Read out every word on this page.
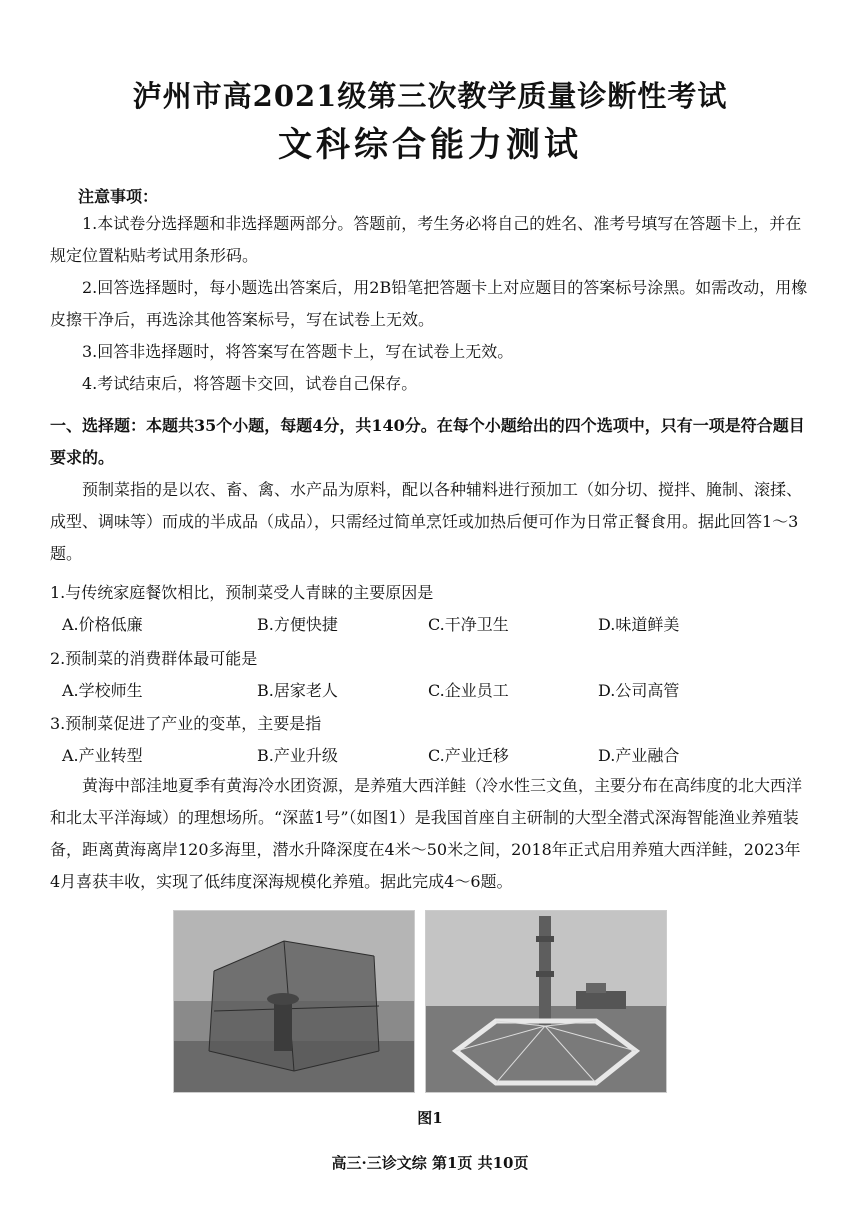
泸州市高2021级第三次教学质量诊断性考试
文科综合能力测试
注意事项：
1.本试卷分选择题和非选择题两部分。答题前，考生务必将自己的姓名、准考号填写在答题卡上，并在规定位置粘贴考试用条形码。
2.回答选择题时，每小题选出答案后，用2B铅笔把答题卡上对应题目的答案标号涂黑。如需改动，用橡皮擦干净后，再选涂其他答案标号，写在试卷上无效。
3.回答非选择题时，将答案写在答题卡上，写在试卷上无效。
4.考试结束后，将答题卡交回，试卷自己保存。
一、选择题：本题共35个小题，每题4分，共140分。在每个小题给出的四个选项中，只有一项是符合题目要求的。
预制菜指的是以农、畜、禽、水产品为原料，配以各种辅料进行预加工（如分切、搅拌、腌制、滚揉、成型、调味等）而成的半成品（成品），只需经过简单烹饪或加热后便可作为日常正餐食用。据此回答1～3题。
1.与传统家庭餐饮相比，预制菜受人青睐的主要原因是
A.价格低廉	B.方便快捷	C.干净卫生	D.味道鲜美
2.预制菜的消费群体最可能是
A.学校师生	B.居家老人	C.企业员工	D.公司高管
3.预制菜促进了产业的变革，主要是指
A.产业转型	B.产业升级	C.产业迁移	D.产业融合
黄海中部洼地夏季有黄海冷水团资源，是养殖大西洋鲑（冷水性三文鱼，主要分布在高纬度的北大西洋和北太平洋海域）的理想场所。“深蓝1号”（如图1）是我国首座自主研制的大型全潜式深海智能渔业养殖装备，距离黄海离岸120多海里，潜水升降深度在4米～50米之间，2018年正式启用养殖大西洋鲑，2023年4月喜获丰收，实现了低纬度深海规模化养殖。据此完成4～6题。
图1
高三·三诊文综 第1页 共10页
